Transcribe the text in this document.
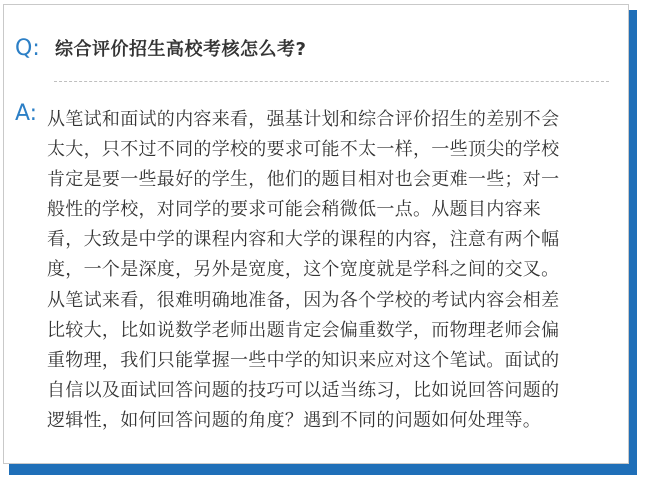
Q: 综合评价招生高校考核怎么考?
A: 从笔试和面试的内容来看，强基计划和综合评价招生的差别不会
太大，只不过不同的学校的要求可能不太一样，一些顶尖的学校
肯定是要一些最好的学生，他们的题目相对也会更难一些；对一
般性的学校，对同学的要求可能会稍微低一点。从题目内容来
看，大致是中学的课程内容和大学的课程的内容，注意有两个幅
度，一个是深度，另外是宽度，这个宽度就是学科之间的交叉。
从笔试来看，很难明确地准备，因为各个学校的考试内容会相差
比较大，比如说数学老师出题肯定会偏重数学，而物理老师会偏
重物理，我们只能掌握一些中学的知识来应对这个笔试。面试的
自信以及面试回答问题的技巧可以适当练习，比如说回答问题的
逻辑性，如何回答问题的角度？遇到不同的问题如何处理等。
